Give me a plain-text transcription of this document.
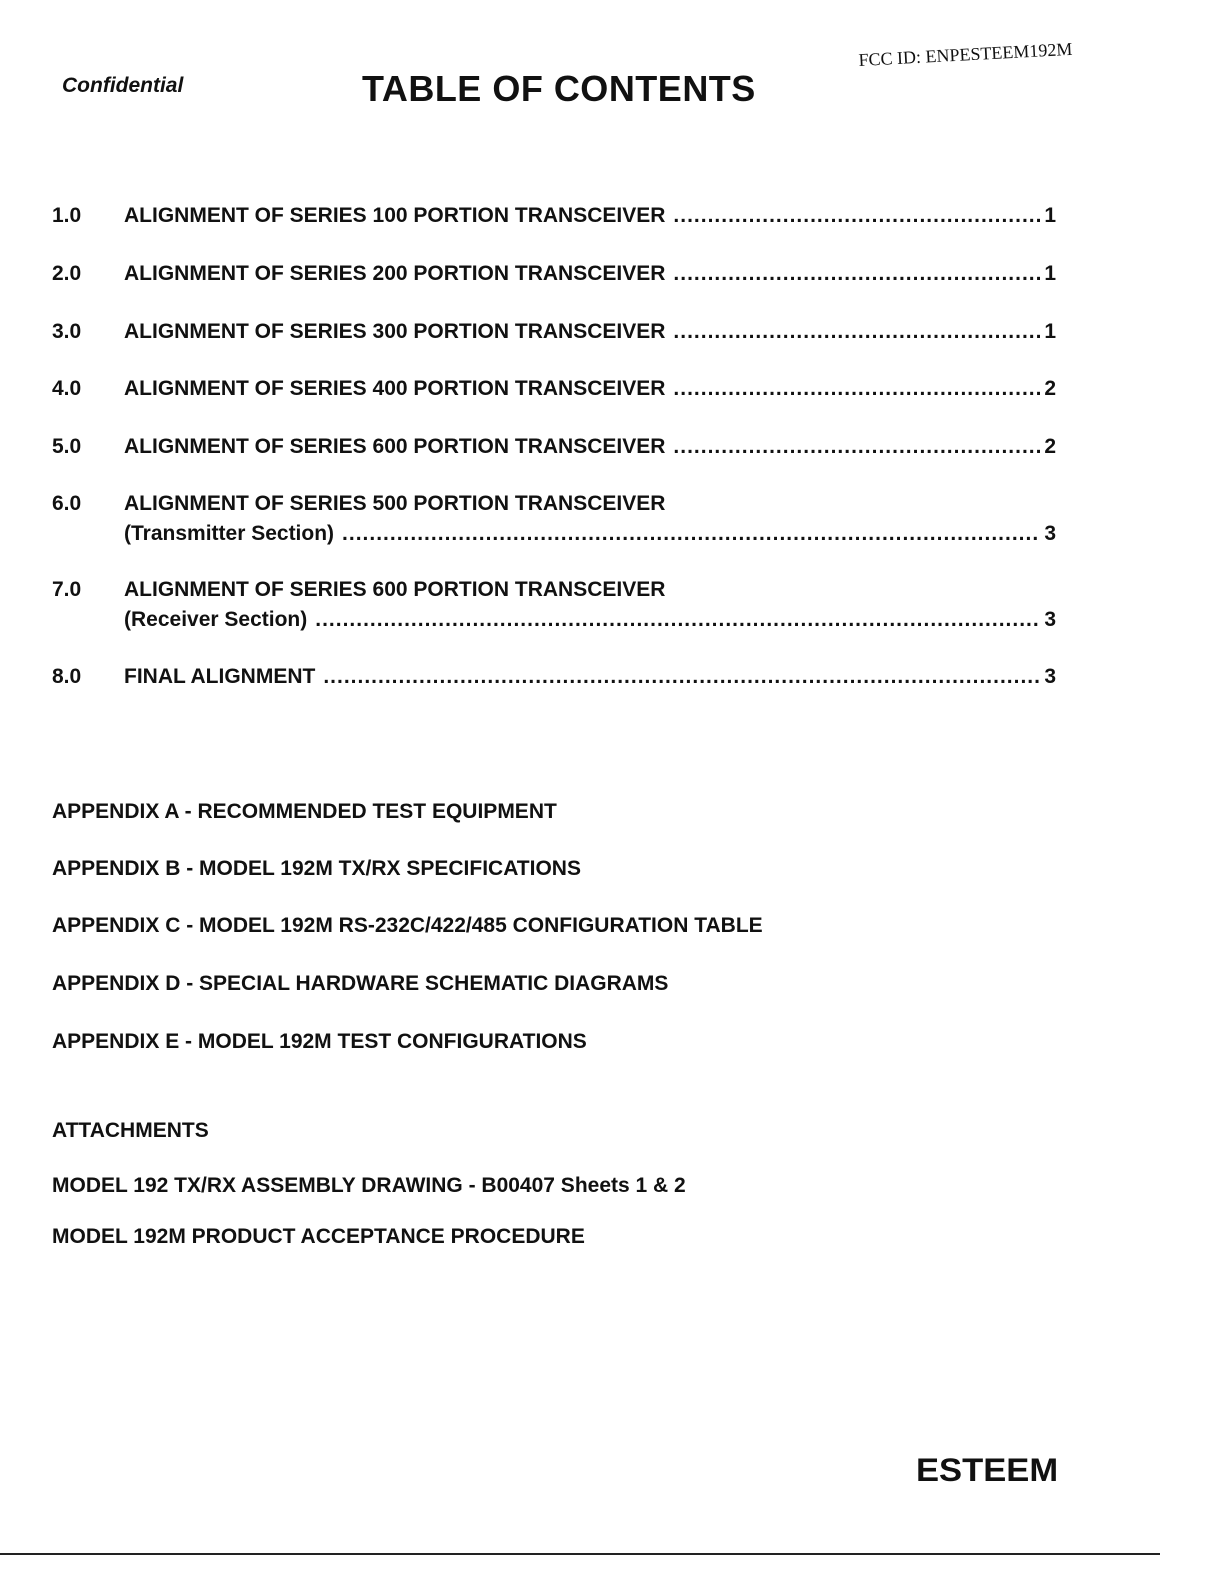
Confidential	TABLE OF CONTENTS
FCC ID: ENPESTEEM192M
1.0	ALIGNMENT OF SERIES 100 PORTION TRANSCEIVER .....	1
2.0	ALIGNMENT OF SERIES 200 PORTION TRANSCEIVER .....	1
3.0	ALIGNMENT OF SERIES 300 PORTION TRANSCEIVER .....	1
4.0	ALIGNMENT OF SERIES 400 PORTION TRANSCEIVER .....	2
5.0	ALIGNMENT OF SERIES 600 PORTION TRANSCEIVER .....	2
6.0	ALIGNMENT OF SERIES 500 PORTION TRANSCEIVER
(Transmitter Section) .....	3
7.0	ALIGNMENT OF SERIES 600 PORTION TRANSCEIVER
(Receiver Section) .....	3
8.0	FINAL ALIGNMENT .....	3
APPENDIX A - RECOMMENDED TEST EQUIPMENT
APPENDIX B - MODEL 192M TX/RX SPECIFICATIONS
APPENDIX C - MODEL 192M RS-232C/422/485 CONFIGURATION TABLE
APPENDIX D - SPECIAL HARDWARE SCHEMATIC DIAGRAMS
APPENDIX E - MODEL 192M TEST CONFIGURATIONS
ATTACHMENTS
MODEL 192 TX/RX ASSEMBLY DRAWING - B00407 Sheets 1 & 2
MODEL 192M PRODUCT ACCEPTANCE PROCEDURE
ESTEEM
